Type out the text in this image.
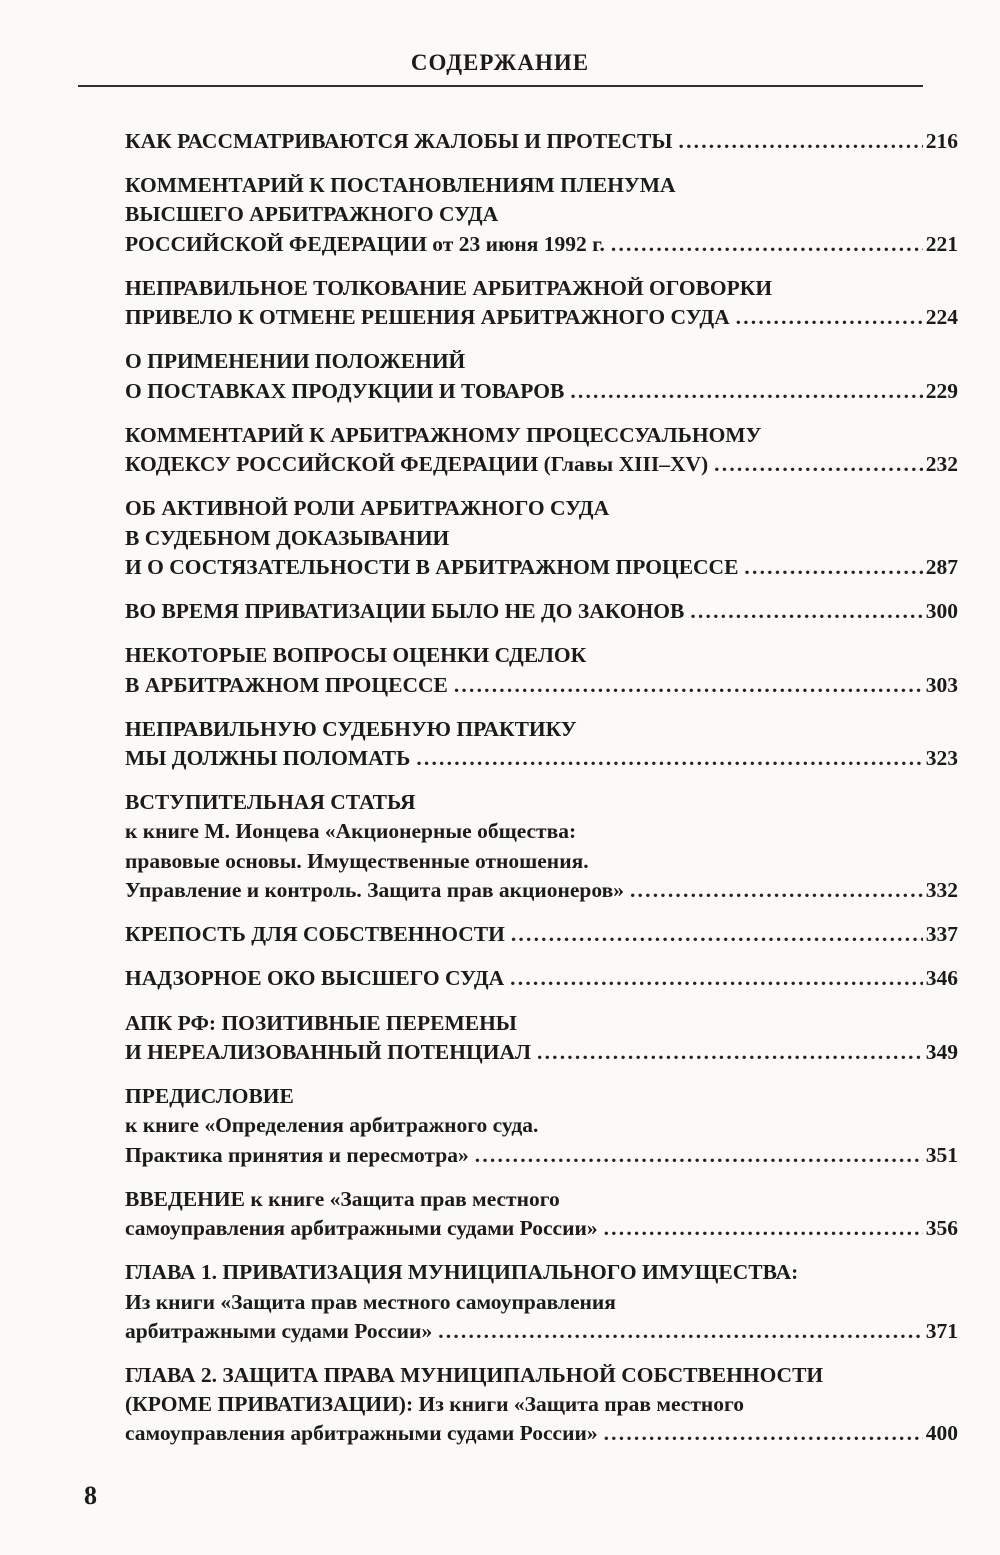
СОДЕРЖАНИЕ
КАК РАССМАТРИВАЮТСЯ ЖАЛОБЫ И ПРОТЕСТЫ .....	216
КОММЕНТАРИЙ К ПОСТАНОВЛЕНИЯМ ПЛЕНУМА
ВЫСШЕГО АРБИТРАЖНОГО СУДА
РОССИЙСКОЙ ФЕДЕРАЦИИ от 23 июня 1992 г. .....	221
НЕПРАВИЛЬНОЕ ТОЛКОВАНИЕ АРБИТРАЖНОЙ ОГОВОРКИ
ПРИВЕЛО К ОТМЕНЕ РЕШЕНИЯ АРБИТРАЖНОГО СУДА .....	224
О ПРИМЕНЕНИИ ПОЛОЖЕНИЙ
О ПОСТАВКАХ ПРОДУКЦИИ И ТОВАРОВ .....	229
КОММЕНТАРИЙ К АРБИТРАЖНОМУ ПРОЦЕССУАЛЬНОМУ
КОДЕКСУ РОССИЙСКОЙ ФЕДЕРАЦИИ (Главы XIII–XV) .....	232
ОБ АКТИВНОЙ РОЛИ АРБИТРАЖНОГО СУДА
В СУДЕБНОМ ДОКАЗЫВАНИИ
И О СОСТЯЗАТЕЛЬНОСТИ В АРБИТРАЖНОМ ПРОЦЕССЕ .....	287
ВО ВРЕМЯ ПРИВАТИЗАЦИИ БЫЛО НЕ ДО ЗАКОНОВ .....	300
НЕКОТОРЫЕ ВОПРОСЫ ОЦЕНКИ СДЕЛОК
В АРБИТРАЖНОМ ПРОЦЕССЕ .....	303
НЕПРАВИЛЬНУЮ СУДЕБНУЮ ПРАКТИКУ
МЫ ДОЛЖНЫ ПОЛОМАТЬ .....	323
ВСТУПИТЕЛЬНАЯ СТАТЬЯ
к книге М. Ионцева «Акционерные общества:
правовые основы. Имущественные отношения.
Управление и контроль. Защита прав акционеров» .....	332
КРЕПОСТЬ ДЛЯ СОБСТВЕННОСТИ .....	337
НАДЗОРНОЕ ОКО ВЫСШЕГО СУДА .....	346
АПК РФ: ПОЗИТИВНЫЕ ПЕРЕМЕНЫ
И НЕРЕАЛИЗОВАННЫЙ ПОТЕНЦИАЛ .....	349
ПРЕДИСЛОВИЕ
к книге «Определения арбитражного суда.
Практика принятия и пересмотра» .....	351
ВВЕДЕНИЕ к книге «Защита прав местного
самоуправления арбитражными судами России» .....	356
ГЛАВА 1. ПРИВАТИЗАЦИЯ МУНИЦИПАЛЬНОГО ИМУЩЕСТВА:
Из книги «Защита прав местного самоуправления
арбитражными судами России» .....	371
ГЛАВА 2. ЗАЩИТА ПРАВА МУНИЦИПАЛЬНОЙ СОБСТВЕННОСТИ
(КРОМЕ ПРИВАТИЗАЦИИ): Из книги «Защита прав местного
самоуправления арбитражными судами России» .....	400
8
